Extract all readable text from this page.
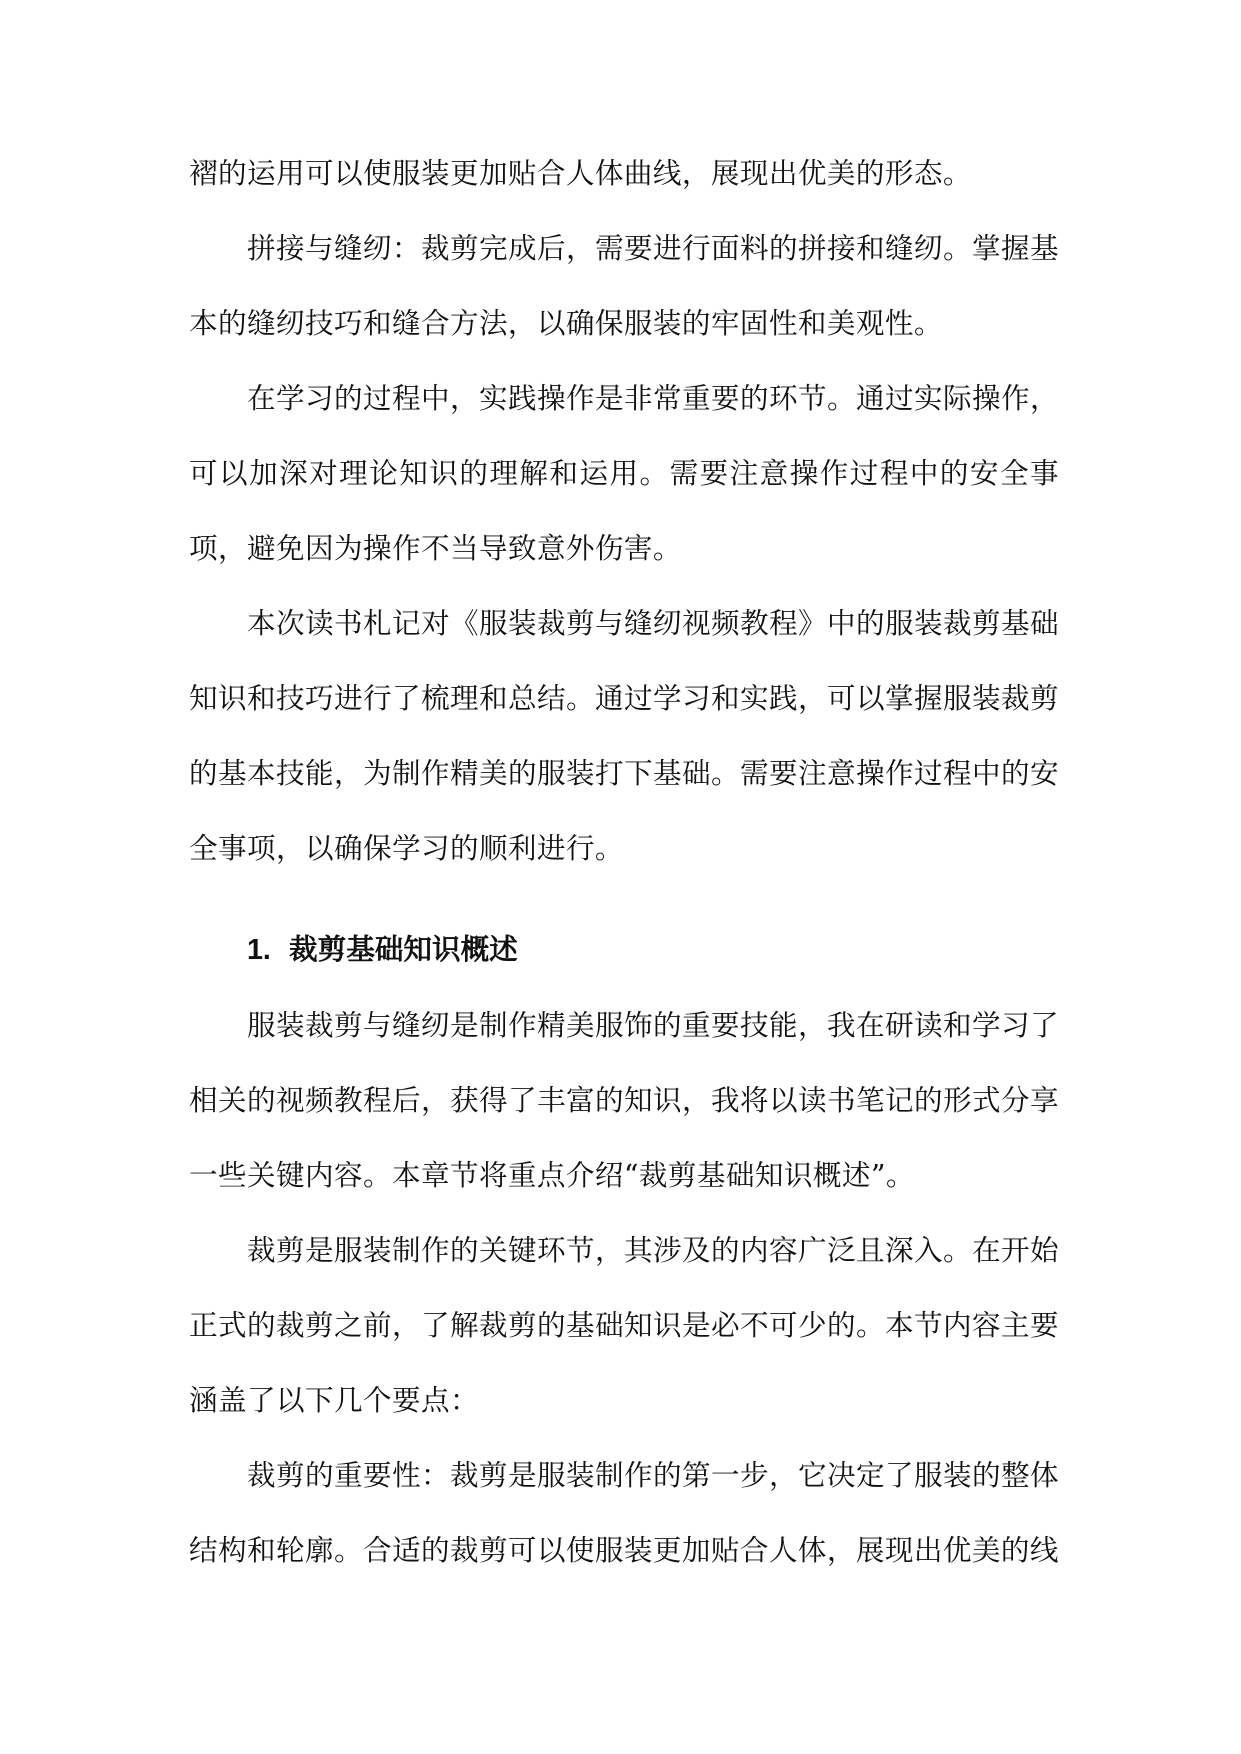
褶的运用可以使服装更加贴合人体曲线，展现出优美的形态。

拼接与缝纫：裁剪完成后，需要进行面料的拼接和缝纫。掌握基本的缝纫技巧和缝合方法，以确保服装的牢固性和美观性。

在学习的过程中，实践操作是非常重要的环节。通过实际操作，可以加深对理论知识的理解和运用。需要注意操作过程中的安全事项，避免因为操作不当导致意外伤害。

本次读书札记对《服装裁剪与缝纫视频教程》中的服装裁剪基础知识和技巧进行了梳理和总结。通过学习和实践，可以掌握服装裁剪的基本技能，为制作精美的服装打下基础。需要注意操作过程中的安全事项，以确保学习的顺利进行。

1. 裁剪基础知识概述

服装裁剪与缝纫是制作精美服饰的重要技能，我在研读和学习了相关的视频教程后，获得了丰富的知识，我将以读书笔记的形式分享一些关键内容。本章节将重点介绍“裁剪基础知识概述”。

裁剪是服装制作的关键环节，其涉及的内容广泛且深入。在开始正式的裁剪之前，了解裁剪的基础知识是必不可少的。本节内容主要涵盖了以下几个要点：

裁剪的重要性：裁剪是服装制作的第一步，它决定了服装的整体结构和轮廓。合适的裁剪可以使服装更加贴合人体，展现出优美的线
